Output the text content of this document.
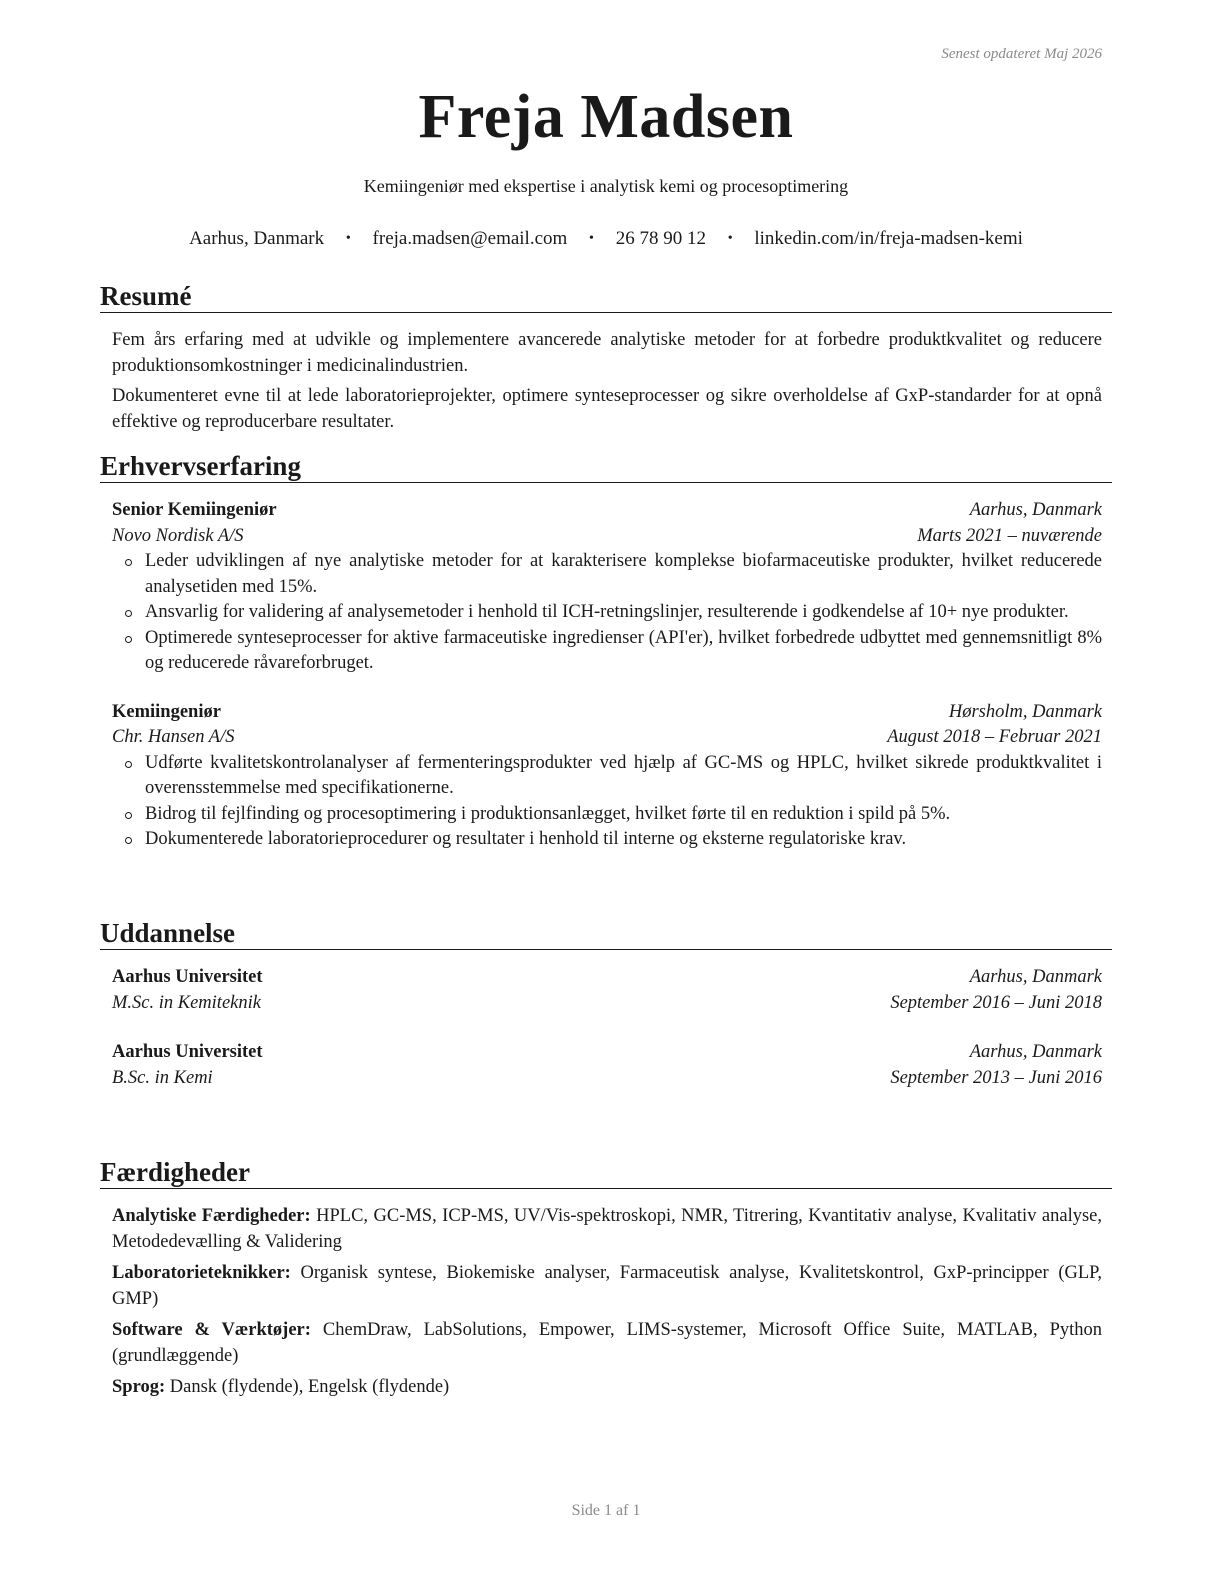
Senest opdateret Maj 2026
Freja Madsen
Kemiingeniør med ekspertise i analytisk kemi og procesoptimering
Aarhus, Danmark • freja.madsen@email.com • 26 78 90 12 • linkedin.com/in/freja-madsen-kemi
Resumé
Fem års erfaring med at udvikle og implementere avancerede analytiske metoder for at forbedre produktkvalitet og reducere produktionsomkostninger i medicinalindustrien.
Dokumenteret evne til at lede laboratorieprojekter, optimere synteseprocesser og sikre overholdelse af GxP-standarder for at opnå effektive og reproducerbare resultater.
Erhvervserfaring
Senior Kemiingeniør	Aarhus, Danmark
Novo Nordisk A/S	Marts 2021 – nuværende
Leder udviklingen af nye analytiske metoder for at karakterisere komplekse biofarmaceutiske produkter, hvilket reducerede analysetiden med 15%.
Ansvarlig for validering af analysemetoder i henhold til ICH-retningslinjer, resulterende i godkendelse af 10+ nye produkter.
Optimerede synteseprocesser for aktive farmaceutiske ingredienser (API'er), hvilket forbedrede udbyttet med gennemsnitligt 8% og reducerede råvareforbruget.
Kemiingeniør	Hørsholm, Danmark
Chr. Hansen A/S	August 2018 – Februar 2021
Udførte kvalitetskontrolanalyser af fermenteringsprodukter ved hjælp af GC-MS og HPLC, hvilket sikrede produktkvalitet i overensstemmelse med specifikationerne.
Bidrog til fejlfinding og procesoptimering i produktionsanlægget, hvilket førte til en reduktion i spild på 5%.
Dokumenterede laboratorieprocedurer og resultater i henhold til interne og eksterne regulatoriske krav.
Uddannelse
Aarhus Universitet	Aarhus, Danmark
M.Sc. in Kemiteknik	September 2016 – Juni 2018
Aarhus Universitet	Aarhus, Danmark
B.Sc. in Kemi	September 2013 – Juni 2016
Færdigheder
Analytiske Færdigheder: HPLC, GC-MS, ICP-MS, UV/Vis-spektroskopi, NMR, Titrering, Kvantitativ analyse, Kvalitativ analyse, Metodedevælling & Validering
Laboratorieteknikker: Organisk syntese, Biokemiske analyser, Farmaceutisk analyse, Kvalitetskontrol, GxP-principper (GLP, GMP)
Software & Værktøjer: ChemDraw, LabSolutions, Empower, LIMS-systemer, Microsoft Office Suite, MATLAB, Python (grundlæggende)
Sprog: Dansk (flydende), Engelsk (flydende)
Side 1 af 1
